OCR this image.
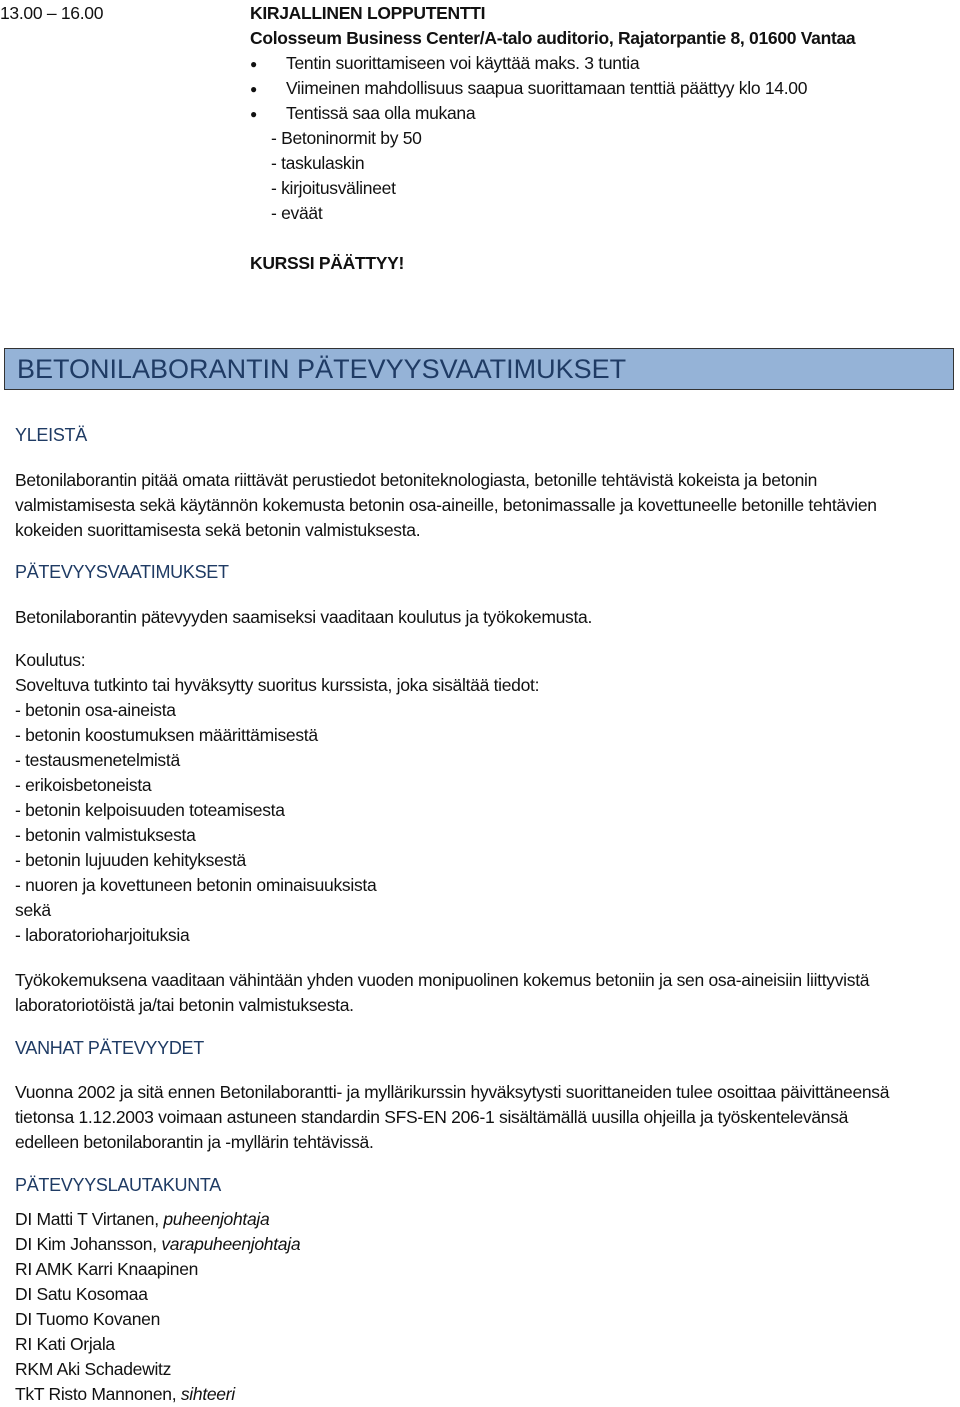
13.00 – 16.00	KIRJALLINEN LOPPUTENTTI
Colosseum Business Center/A-talo auditorio, Rajatorpantie 8, 01600 Vantaa
● Tentin suorittamiseen voi käyttää maks. 3 tuntia
● Viimeinen mahdollisuus saapua suorittamaan tenttiä päättyy klo 14.00
● Tentissä saa olla mukana
- Betoninormit by 50
- taskulaskin
- kirjoitusvälineet
- eväät
KURSSI PÄÄTTYY!
BETONILABORANTIN PÄTEVYYSVAATIMUKSET
YLEISTÄ
Betonilaborantin pitää omata riittävät perustiedot betoniteknologiasta, betonille tehtävistä kokeista ja betonin
valmistamisesta sekä käytännön kokemusta betonin osa-aineille, betonimassalle ja kovettuneelle betonille tehtävien
kokeiden suorittamisesta sekä betonin valmistuksesta.
PÄTEVYYSVAATIMUKSET
Betonilaborantin pätevyyden saamiseksi vaaditaan koulutus ja työkokemusta.
Koulutus:
Soveltuva tutkinto tai hyväksytty suoritus kurssista, joka sisältää tiedot:
- betonin osa-aineista
- betonin koostumuksen määrittämisestä
- testausmenetelmistä
- erikoisbetoneista
- betonin kelpoisuuden toteamisesta
- betonin valmistuksesta
- betonin lujuuden kehityksestä
- nuoren ja kovettuneen betonin ominaisuuksista
sekä
- laboratorioharjoituksia
Työkokemuksena vaaditaan vähintään yhden vuoden monipuolinen kokemus betoniin ja sen osa-aineisiin liittyvistä
laboratoriotöistä ja/tai betonin valmistuksesta.
VANHAT PÄTEVYYDET
Vuonna 2002 ja sitä ennen Betonilaborantti- ja myllärikurssin hyväksytysti suorittaneiden tulee osoittaa päivittäneensä
tietonsa 1.12.2003 voimaan astuneen standardin SFS-EN 206-1 sisältämällä uusilla ohjeilla ja työskentelevänsä
edelleen betonilaborantin ja -myllärin tehtävissä.
PÄTEVYYSLAUTAKUNTA
DI Matti T Virtanen, puheenjohtaja
DI Kim Johansson, varapuheenjohtaja
RI AMK Karri Knaapinen
DI Satu Kosomaa
DI Tuomo Kovanen
RI Kati Orjala
RKM Aki Schadewitz
TkT Risto Mannonen, sihteeri
